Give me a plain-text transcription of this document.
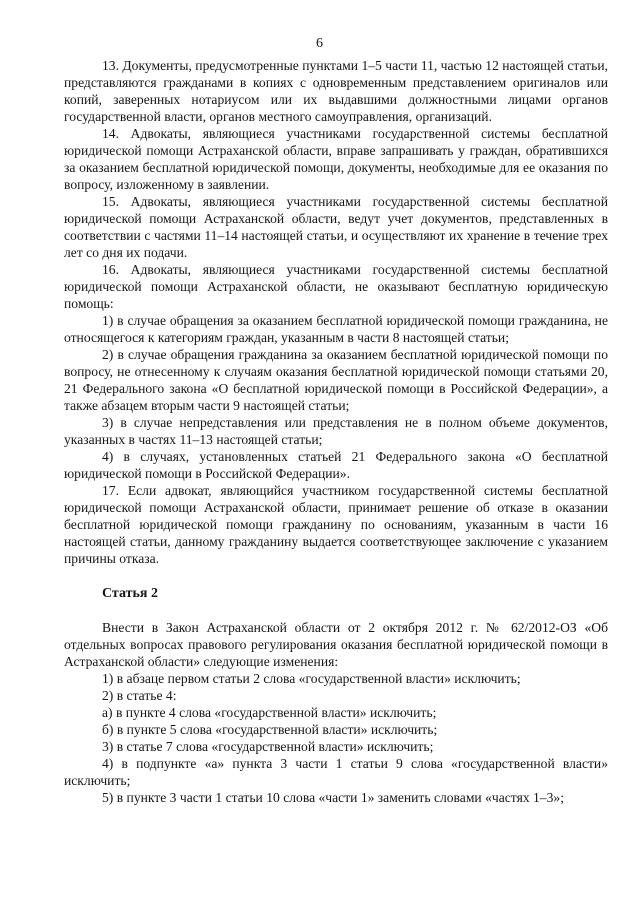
6

13. Документы, предусмотренные пунктами 1–5 части 11, частью 12 настоящей статьи, представляются гражданами в копиях с одновременным представлением оригиналов или копий, заверенных нотариусом или их выдавшими должностными лицами органов государственной власти, органов местного самоуправления, организаций.

14. Адвокаты, являющиеся участниками государственной системы бесплатной юридической помощи Астраханской области, вправе запрашивать у граждан, обратившихся за оказанием бесплатной юридической помощи, документы, необходимые для ее оказания по вопросу, изложенному в заявлении.

15. Адвокаты, являющиеся участниками государственной системы бесплатной юридической помощи Астраханской области, ведут учет документов, представленных в соответствии с частями 11–14 настоящей статьи, и осуществляют их хранение в течение трех лет со дня их подачи.

16. Адвокаты, являющиеся участниками государственной системы бесплатной юридической помощи Астраханской области, не оказывают бесплатную юридическую помощь:

1) в случае обращения за оказанием бесплатной юридической помощи гражданина, не относящегося к категориям граждан, указанным в части 8 настоящей статьи;

2) в случае обращения гражданина за оказанием бесплатной юридической помощи по вопросу, не отнесенному к случаям оказания бесплатной юридической помощи статьями 20, 21 Федерального закона «О бесплатной юридической помощи в Российской Федерации», а также абзацем вторым части 9 настоящей статьи;

3) в случае непредставления или представления не в полном объеме документов, указанных в частях 11–13 настоящей статьи;

4) в случаях, установленных статьей 21 Федерального закона «О бесплатной юридической помощи в Российской Федерации».

17. Если адвокат, являющийся участником государственной системы бесплатной юридической помощи Астраханской области, принимает решение об отказе в оказании бесплатной юридической помощи гражданину по основаниям, указанным в части 16 настоящей статьи, данному гражданину выдается соответствующее заключение с указанием причины отказа.

Статья 2

Внести в Закон Астраханской области от 2 октября 2012 г. № 62/2012-ОЗ «Об отдельных вопросах правового регулирования оказания бесплатной юридической помощи в Астраханской области» следующие изменения:

1) в абзаце первом статьи 2 слова «государственной власти» исключить;

2) в статье 4:

а) в пункте 4 слова «государственной власти» исключить;

б) в пункте 5 слова «государственной власти» исключить;

3) в статье 7 слова «государственной власти» исключить;

4) в подпункте «а» пункта 3 части 1 статьи 9 слова «государственной власти» исключить;

5) в пункте 3 части 1 статьи 10 слова «части 1» заменить словами «частях 1–3»;
